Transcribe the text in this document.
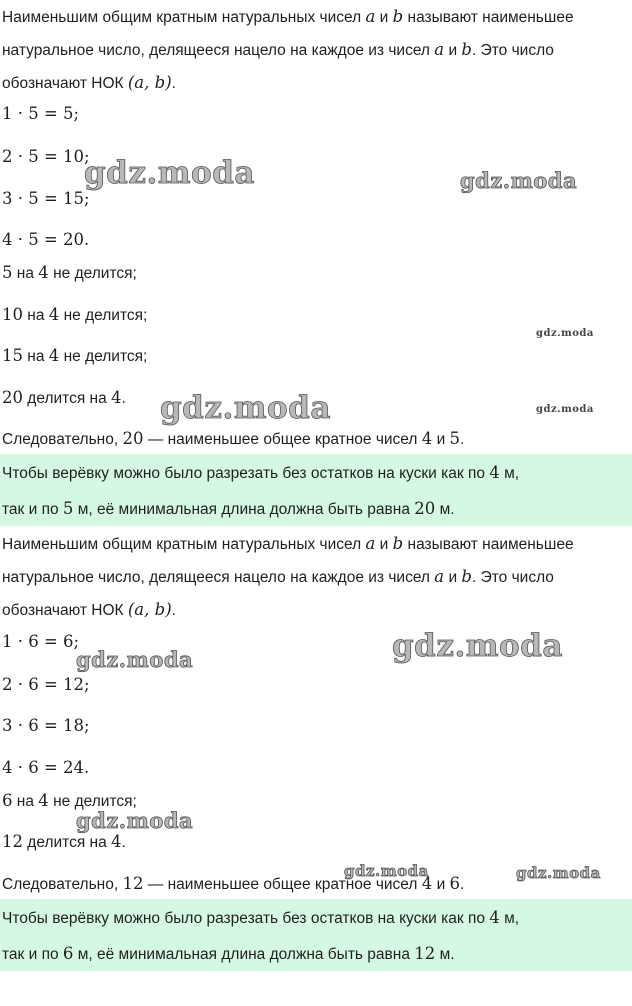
Наименьшим общим кратным натуральных чисел a и b называют наименьшее
натуральное число, делящееся нацело на каждое из чисел a и b. Это число
обозначают НОК (a, b).
1 · 5 = 5;
2 · 5 = 10;
3 · 5 = 15;
4 · 5 = 20.
5 на 4 не делится;
10 на 4 не делится;
15 на 4 не делится;
20 делится на 4.
Следовательно, 20 — наименьшее общее кратное чисел 4 и 5.
Чтобы верёвку можно было разрезать без остатков на куски как по 4 м,
так и по 5 м, её минимальная длина должна быть равна 20 м.
Наименьшим общим кратным натуральных чисел a и b называют наименьшее
натуральное число, делящееся нацело на каждое из чисел a и b. Это число
обозначают НОК (a, b).
1 · 6 = 6;
2 · 6 = 12;
3 · 6 = 18;
4 · 6 = 24.
6 на 4 не делится;
12 делится на 4.
Следовательно, 12 — наименьшее общее кратное чисел 4 и 6.
Чтобы верёвку можно было разрезать без остатков на куски как по 4 м,
так и по 6 м, её минимальная длина должна быть равна 12 м.
gdz.moda	gdz.moda
gdz.moda
gdz.moda	gdz.moda
gdz.moda
gdz.moda
gdz.moda
gdz.moda	gdz.moda
